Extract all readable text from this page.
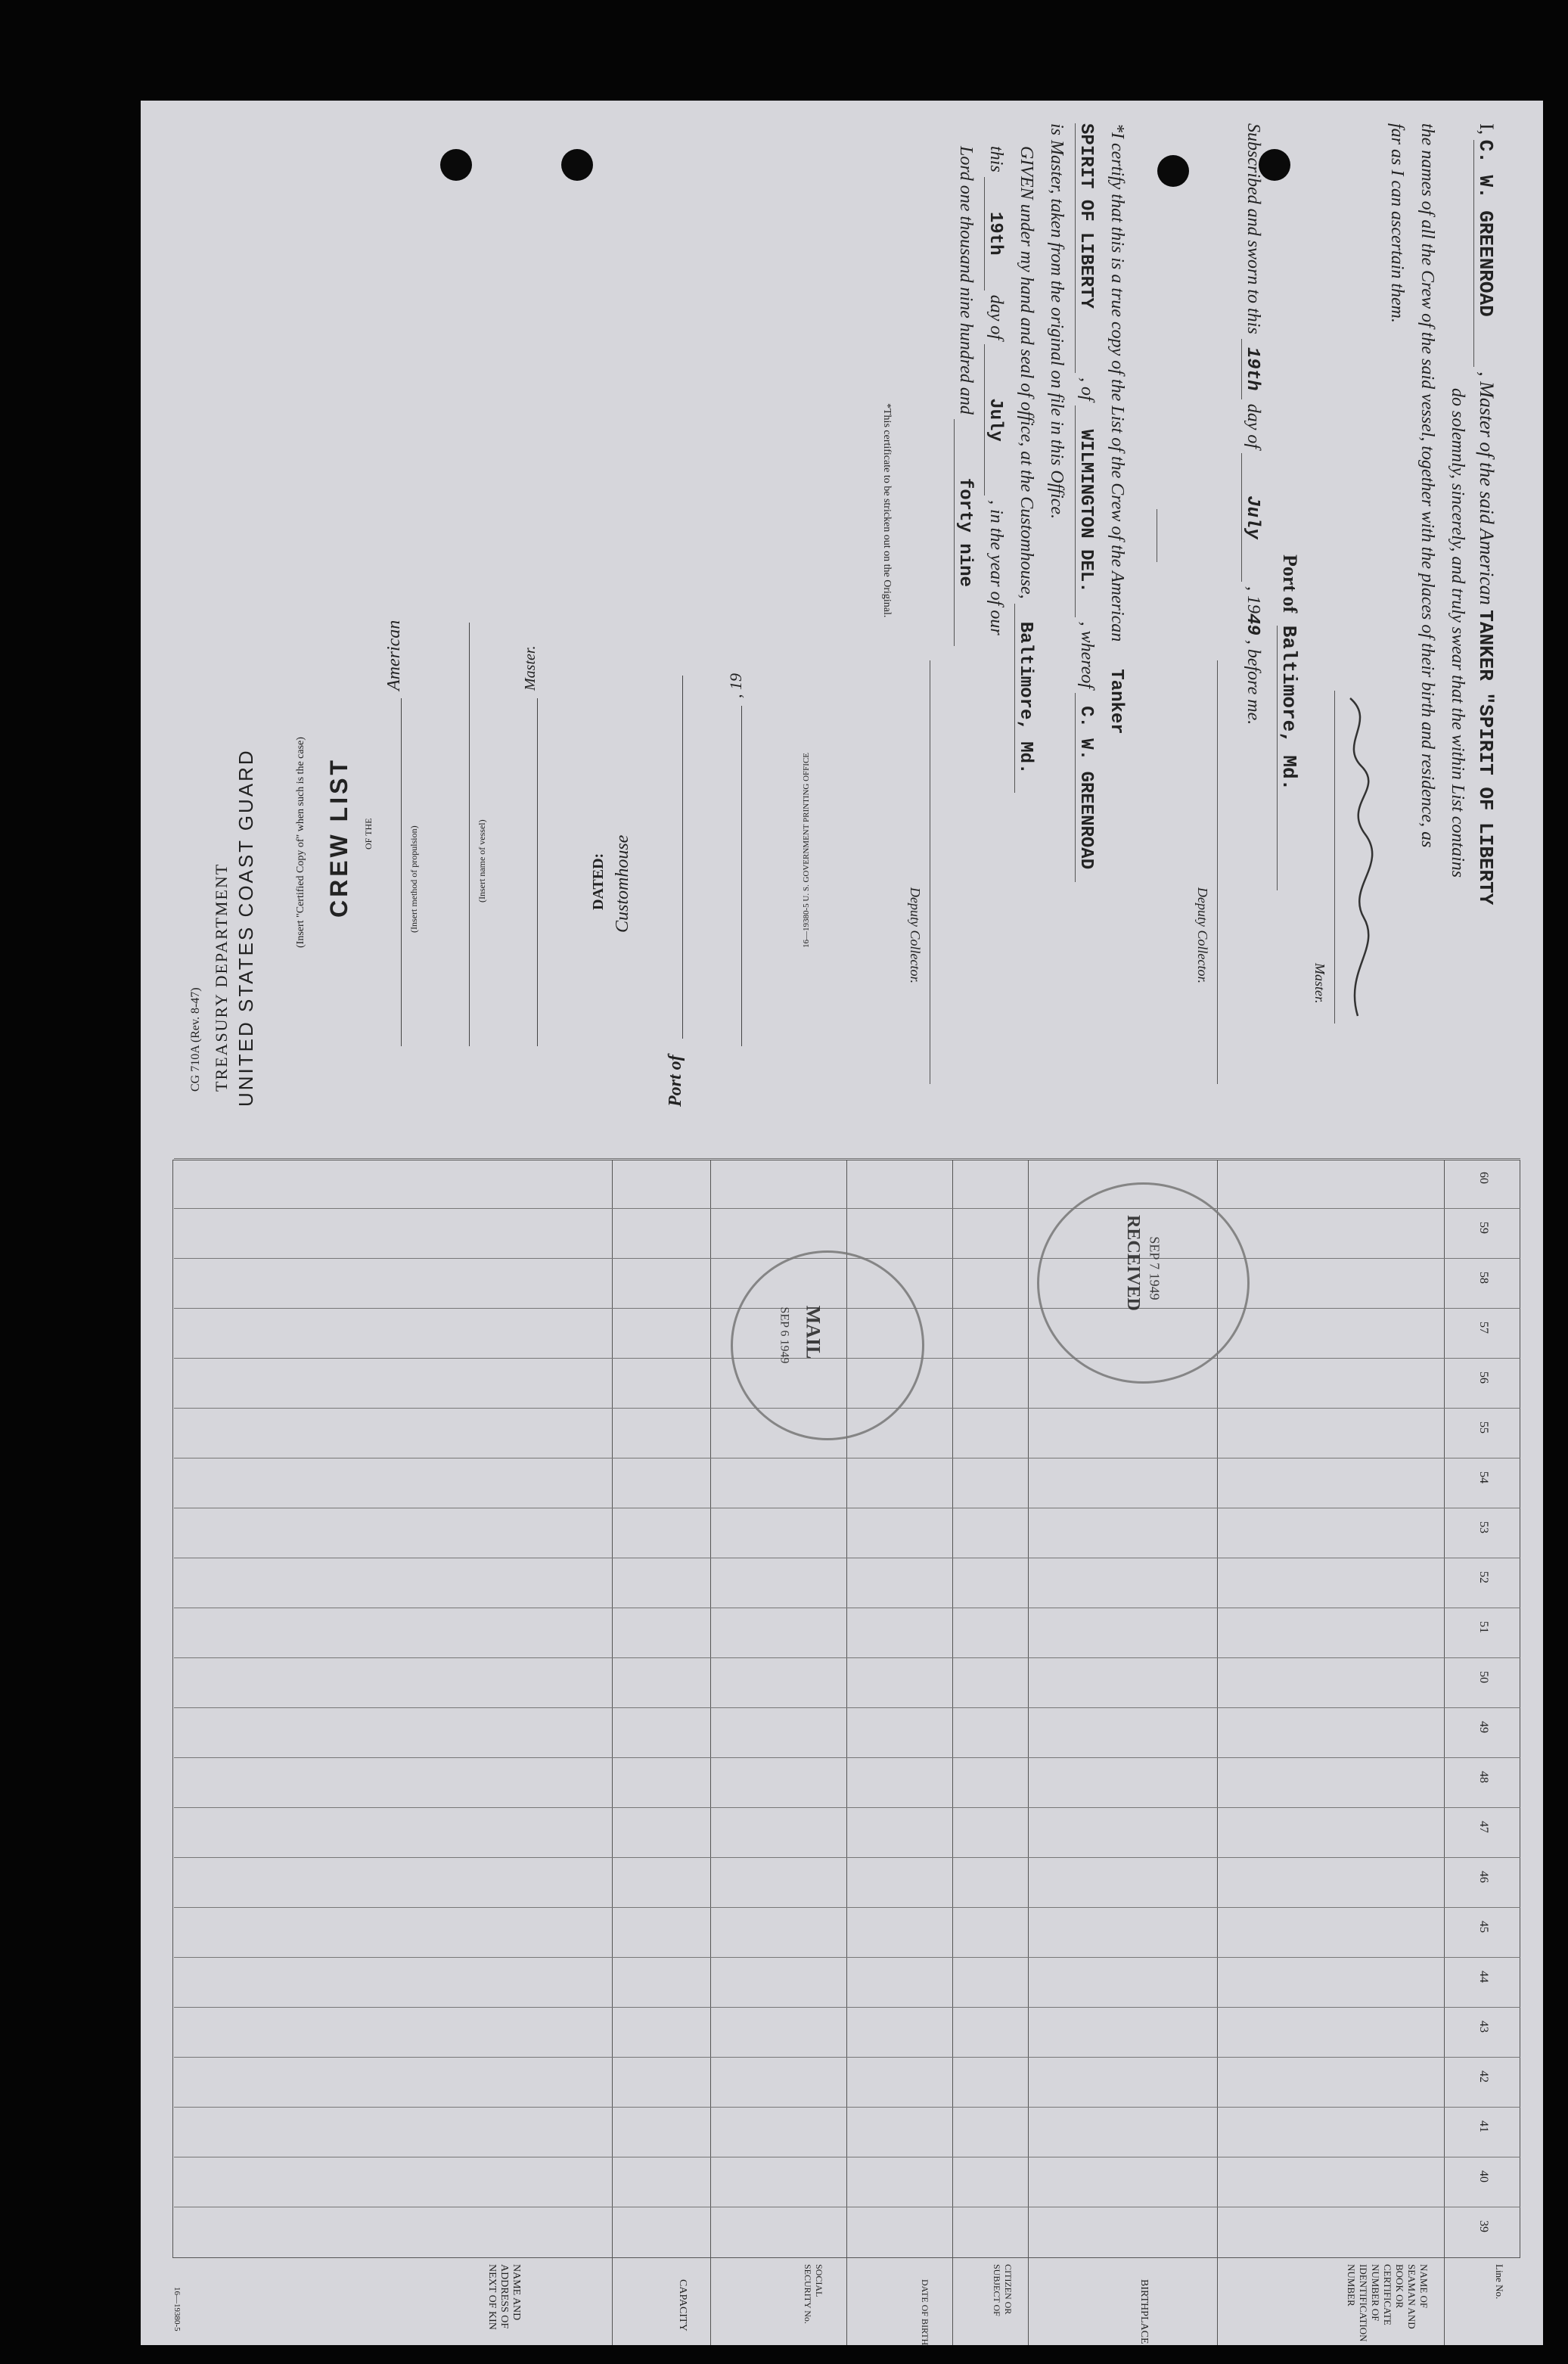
I, C. W. GREENROAD , Master of the said American TANKER "SPIRIT OF LIBERTY
do solemnly, sincerely, and truly swear that the within List contains
the names of all the Crew of the said vessel, together with the places of their birth and residence, as
far as I can ascertain them.
Master.
Port of Baltimore, Md.
Subscribed and sworn to this 19th day of July , 1949 , before me.
Deputy Collector.
*I certify that this is a true copy of the List of the Crew of the American Tanker
SPIRIT OF LIBERTY , of WILMINGTON DEL. , whereof C. W. GREENROAD
is Master, taken from the original on file in this Office.
GIVEN under my hand and seal of office, at the Customhouse, Baltimore, Md.
this 19th day of July , in the year of our
Lord one thousand nine hundred and forty nine
Deputy Collector.
*This certificate to be stricken out on the Original.
CG 710A (Rev. 8-47) TREASURY DEPARTMENT UNITED STATES COAST GUARD	(Insert "Certified Copy of" when such is the case) CREW LIST OF THE
American
(Insert method of propulsion)	(Insert name of vessel)
Master.
DATED: Customhouse
Port of
, 19
16—19380-5 U. S. GOVERNMENT PRINTING OFFICE
Line No.
NAME OF SEAMAN AND BOOK OR CERTIFICATE NUMBER OF IDENTIFICATION NUMBER
BIRTHPLACE
CITIZEN OR SUBJECT OF
DATE OF BIRTH
SOCIAL SECURITY No.
CAPACITY
NAME AND ADDRESS OF NEXT OF KIN
16—19380-5
39
40
41
42
43
44
45
46
47
48
49
50
51
52
53
54
55
56
57
58
59
60
RECEIVED SEP 7 1949
MAIL
SEP 6 1949
